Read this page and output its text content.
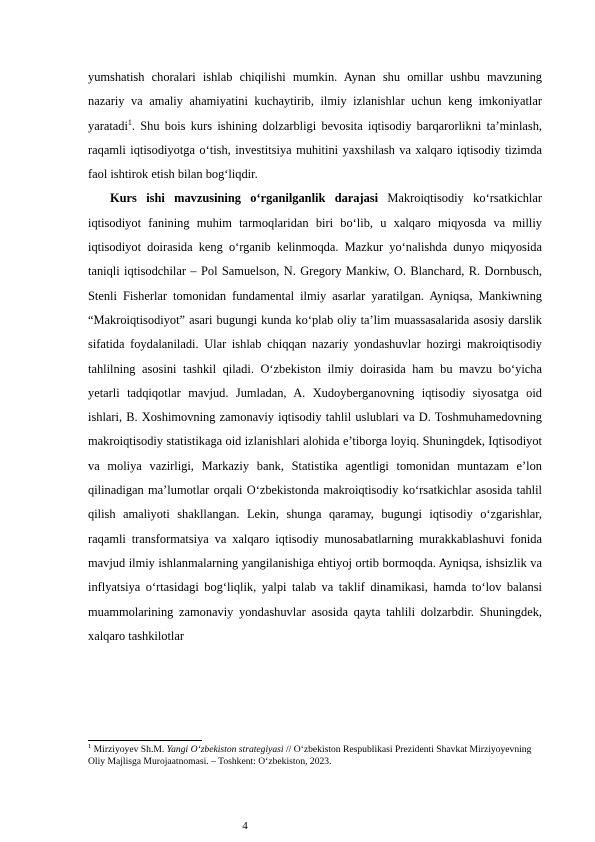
yumshatish choralari ishlab chiqilishi mumkin. Aynan shu omillar ushbu mavzuning nazariy va amaliy ahamiyatini kuchaytirib, ilmiy izlanishlar uchun keng imkoniyatlar yaratadi$^1$. Shu bois kurs ishining dolzarbligi bevosita iqtisodiy barqarorlikni ta’minlash, raqamli iqtisodiyotga o‘tish, investitsiya muhitini yaxshilash va xalqaro iqtisodiy tizimda faol ishtirok etish bilan bog‘liqdir.

Kurs ishi mavzusining o‘rganilganlik darajasi Makroiqtisodiy ko‘rsatkichlar iqtisodiyot fanining muhim tarmoqlaridan biri bo‘lib, u xalqaro miqyosda va milliy iqtisodiyot doirasida keng o‘rganib kelinmoqda. Mazkur yo‘nalishda dunyo miqyosida taniqli iqtisodchilar – Pol Samuelson, N. Gregory Mankiw, O. Blanchard, R. Dornbusch, Stenli Fisherlar tomonidan fundamental ilmiy asarlar yaratilgan. Ayniqsa, Mankiwning “Makroiqtisodiyot” asari bugungi kunda ko‘plab oliy ta’lim muassasalarida asosiy darslik sifatida foydalaniladi. Ular ishlab chiqqan nazariy yondashuvlar hozirgi makroiqtisodiy tahlilning asosini tashkil qiladi. O‘zbekiston ilmiy doirasida ham bu mavzu bo‘yicha yetarli tadqiqotlar mavjud. Jumladan, A. Xudoyberganovning iqtisodiy siyosatga oid ishlari, B. Xoshimovning zamonaviy iqtisodiy tahlil uslublari va D. Toshmuhamedovning makroiqtisodiy statistikaga oid izlanishlari alohida e’tiborga loyiq. Shuningdek, Iqtisodiyot va moliya vazirligi, Markaziy bank, Statistika agentligi tomonidan muntazam e’lon qilinadigan ma’lumotlar orqali O‘zbekistonda makroiqtisodiy ko‘rsatkichlar asosida tahlil qilish amaliyoti shakllangan. Lekin, shunga qaramay, bugungi iqtisodiy o‘zgarishlar, raqamli transformatsiya va xalqaro iqtisodiy munosabatlarning murakkablashuvi fonida mavjud ilmiy ishlanmalarning yangilanishiga ehtiyoj ortib bormoqda. Ayniqsa, ishsizlik va inflyatsiya o‘rtasidagi bog‘liqlik, yalpi talab va taklif dinamikasi, hamda to‘lov balansi muammolarining zamonaviy yondashuvlar asosida qayta tahlili dolzarbdir. Shuningdek, xalqaro tashkilotlar

$^1$ Mirziyoyev Sh.M. Yangi O‘zbekiston strategiyasi // O‘zbekiston Respublikasi Prezidenti Shavkat Mirziyoyevning Oliy Majlisga Murojaatnomasi. – Toshkent: O‘zbekiston, 2023.

4
